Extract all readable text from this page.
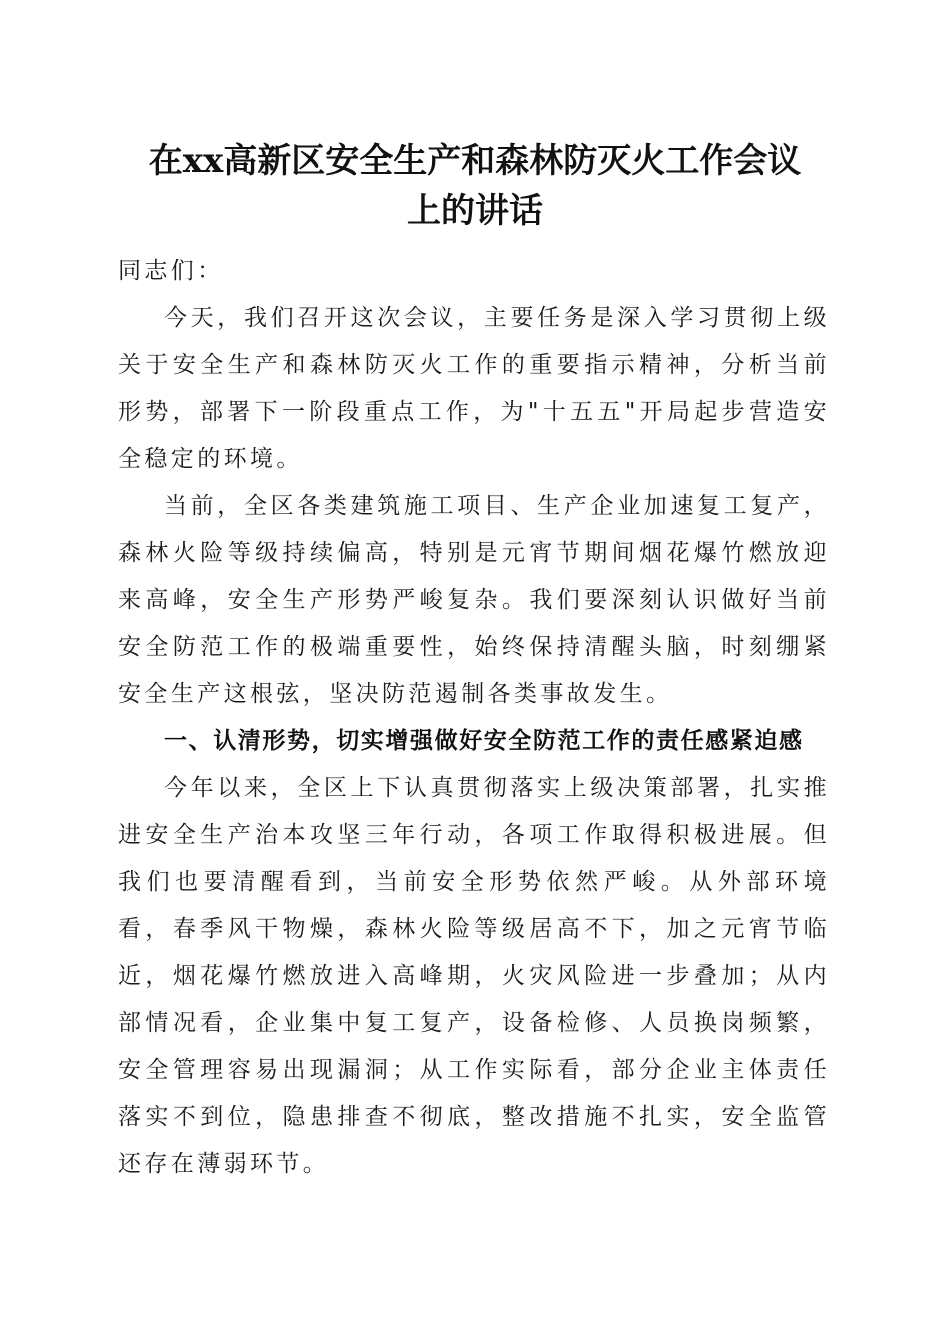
在xx高新区安全生产和森林防灭火工作会议
上的讲话

同志们：

今天，我们召开这次会议，主要任务是深入学习贯彻上级关于安全生产和森林防灭火工作的重要指示精神，分析当前形势，部署下一阶段重点工作，为"十五五"开局起步营造安全稳定的环境。

当前，全区各类建筑施工项目、生产企业加速复工复产，森林火险等级持续偏高，特别是元宵节期间烟花爆竹燃放迎来高峰，安全生产形势严峻复杂。我们要深刻认识做好当前安全防范工作的极端重要性，始终保持清醒头脑，时刻绷紧安全生产这根弦，坚决防范遏制各类事故发生。

一、认清形势，切实增强做好安全防范工作的责任感紧迫感

今年以来，全区上下认真贯彻落实上级决策部署，扎实推进安全生产治本攻坚三年行动，各项工作取得积极进展。但我们也要清醒看到，当前安全形势依然严峻。从外部环境看，春季风干物燥，森林火险等级居高不下，加之元宵节临近，烟花爆竹燃放进入高峰期，火灾风险进一步叠加；从内部情况看，企业集中复工复产，设备检修、人员换岗频繁，安全管理容易出现漏洞；从工作实际看，部分企业主体责任落实不到位，隐患排查不彻底，整改措施不扎实，安全监管还存在薄弱环节。
